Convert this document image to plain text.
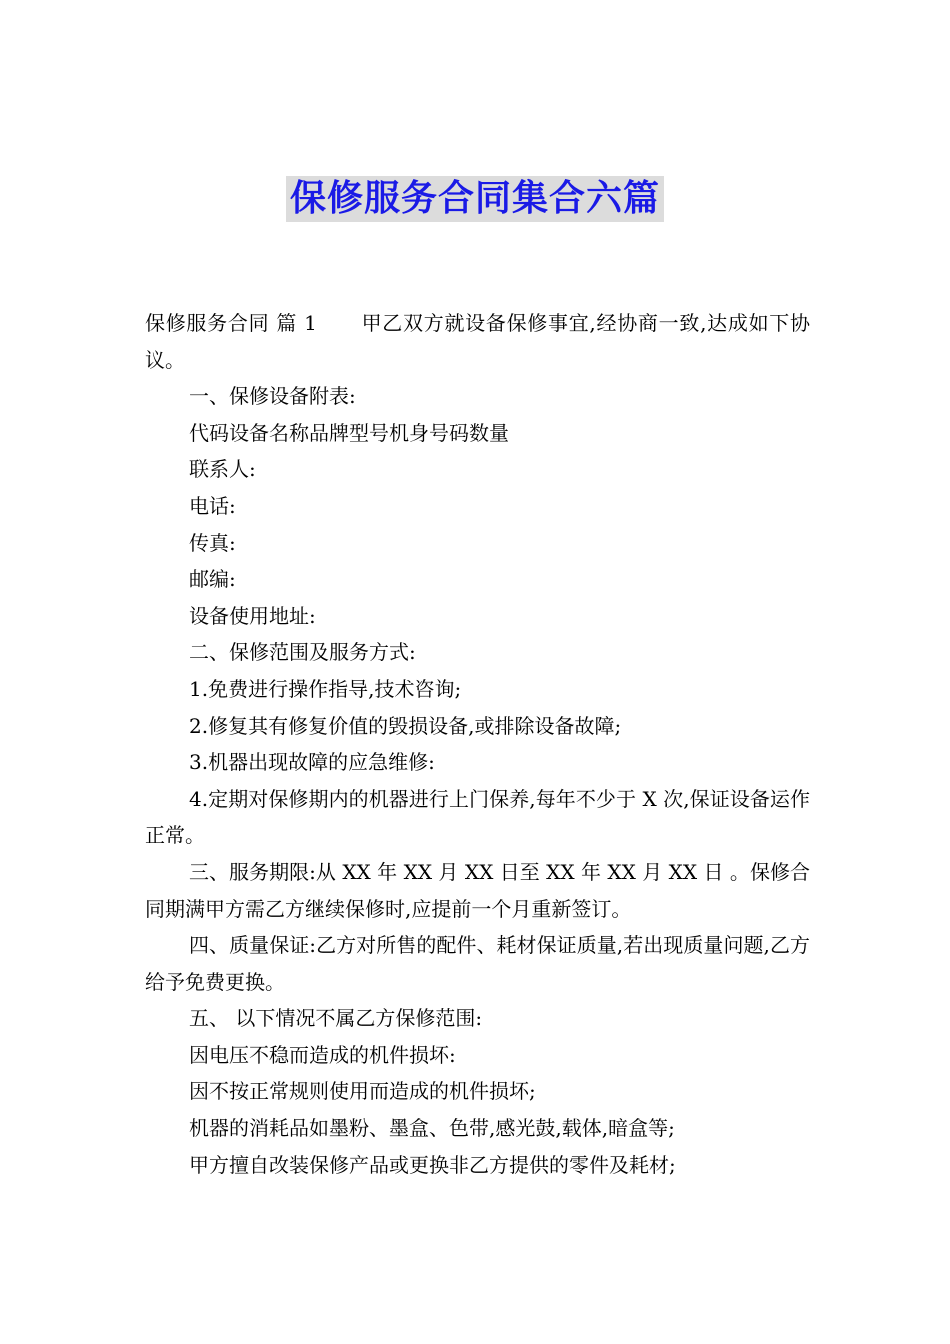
保修服务合同集合六篇

保修服务合同 篇 1 甲乙双方就设备保修事宜,经协商一致,达成如下协议。

一、保修设备附表:

代码设备名称品牌型号机身号码数量

联系人:

电话:

传真:

邮编:

设备使用地址:

二、保修范围及服务方式:

1.免费进行操作指导,技术咨询;

2.修复其有修复价值的毁损设备,或排除设备故障;

3.机器出现故障的应急维修:

4.定期对保修期内的机器进行上门保养,每年不少于 X 次,保证设备运作正常。

三、服务期限:从 XX 年 XX 月 XX 日至 XX 年 XX 月 XX 日 。保修合同期满甲方需乙方继续保修时,应提前一个月重新签订。

四、质量保证:乙方对所售的配件、耗材保证质量,若出现质量问题,乙方给予免费更换。

五、 以下情况不属乙方保修范围:

因电压不稳而造成的机件损坏:

因不按正常规则使用而造成的机件损坏;

机器的消耗品如墨粉、墨盒、色带,感光鼓,载体,暗盒等;

甲方擅自改装保修产品或更换非乙方提供的零件及耗材;
